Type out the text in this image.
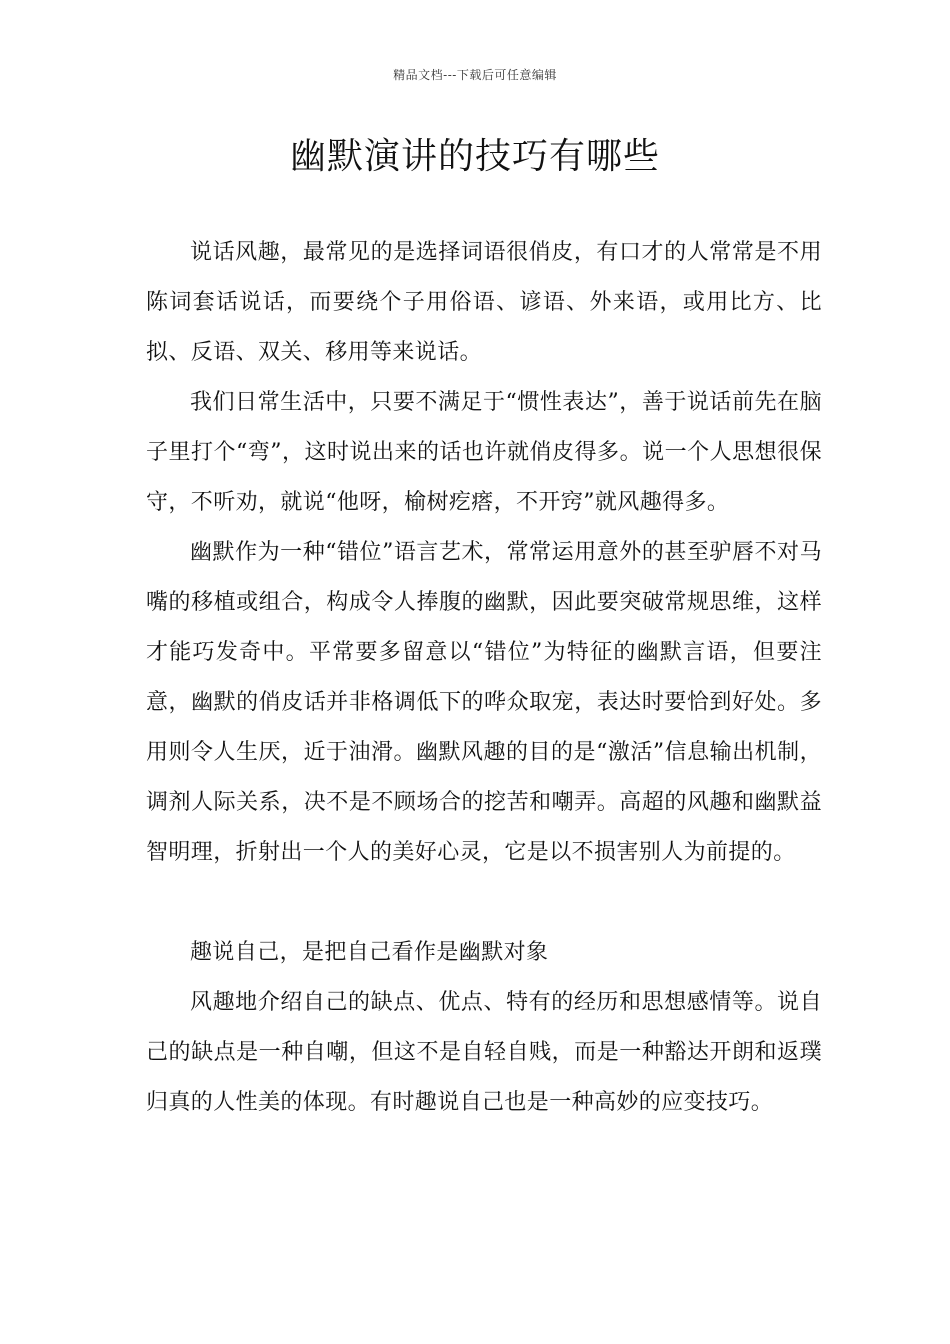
精品文档---下载后可任意编辑
幽默演讲的技巧有哪些

说话风趣，最常见的是选择词语很俏皮，有口才的人常常是不用陈词套话说话，而要绕个子用俗语、谚语、外来语，或用比方、比拟、反语、双关、移用等来说话。

我们日常生活中，只要不满足于“惯性表达”，善于说话前先在脑子里打个“弯”，这时说出来的话也许就俏皮得多。说一个人思想很保守，不听劝，就说“他呀，榆树疙瘩，不开窍”就风趣得多。

幽默作为一种“错位”语言艺术，常常运用意外的甚至驴唇不对马嘴的移植或组合，构成令人捧腹的幽默，因此要突破常规思维，这样才能巧发奇中。平常要多留意以“错位”为特征的幽默言语，但要注意，幽默的俏皮话并非格调低下的哗众取宠，表达时要恰到好处。多用则令人生厌，近于油滑。幽默风趣的目的是“激活”信息输出机制，调剂人际关系，决不是不顾场合的挖苦和嘲弄。高超的风趣和幽默益智明理，折射出一个人的美好心灵，它是以不损害别人为前提的。

趣说自己，是把自己看作是幽默对象

风趣地介绍自己的缺点、优点、特有的经历和思想感情等。说自己的缺点是一种自嘲，但这不是自轻自贱，而是一种豁达开朗和返璞归真的人性美的体现。有时趣说自己也是一种高妙的应变技巧。
